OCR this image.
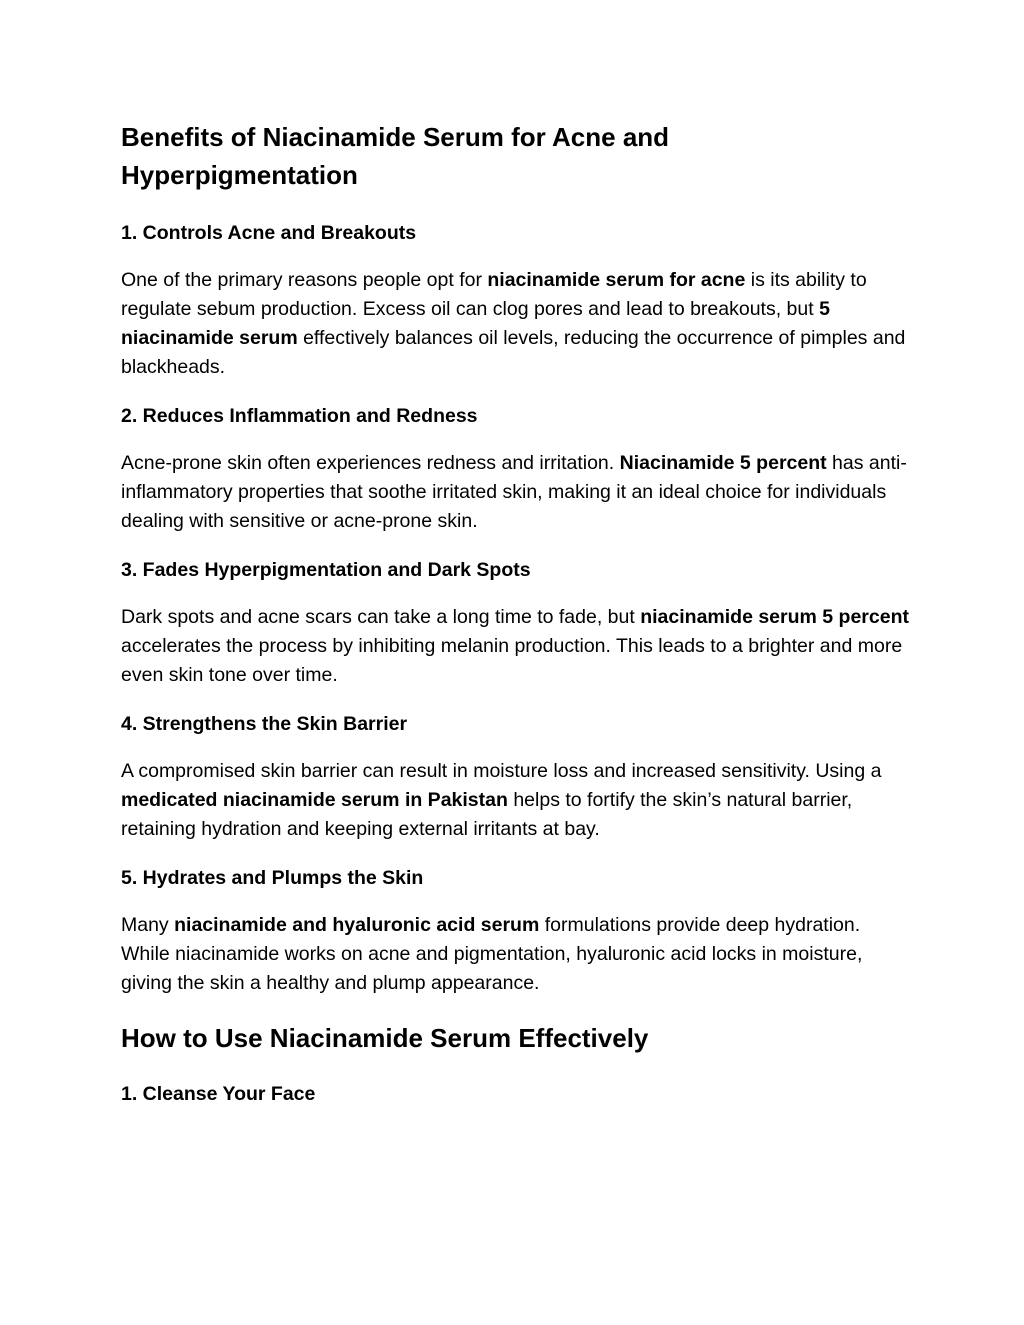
Benefits of Niacinamide Serum for Acne and Hyperpigmentation
1. Controls Acne and Breakouts

One of the primary reasons people opt for niacinamide serum for acne is its ability to regulate sebum production. Excess oil can clog pores and lead to breakouts, but 5 niacinamide serum effectively balances oil levels, reducing the occurrence of pimples and blackheads.

2. Reduces Inflammation and Redness

Acne-prone skin often experiences redness and irritation. Niacinamide 5 percent has anti-inflammatory properties that soothe irritated skin, making it an ideal choice for individuals dealing with sensitive or acne-prone skin.

3. Fades Hyperpigmentation and Dark Spots

Dark spots and acne scars can take a long time to fade, but niacinamide serum 5 percent accelerates the process by inhibiting melanin production. This leads to a brighter and more even skin tone over time.

4. Strengthens the Skin Barrier

A compromised skin barrier can result in moisture loss and increased sensitivity. Using a medicated niacinamide serum in Pakistan helps to fortify the skin’s natural barrier, retaining hydration and keeping external irritants at bay.

5. Hydrates and Plumps the Skin

Many niacinamide and hyaluronic acid serum formulations provide deep hydration. While niacinamide works on acne and pigmentation, hyaluronic acid locks in moisture, giving the skin a healthy and plump appearance.

How to Use Niacinamide Serum Effectively
1. Cleanse Your Face
